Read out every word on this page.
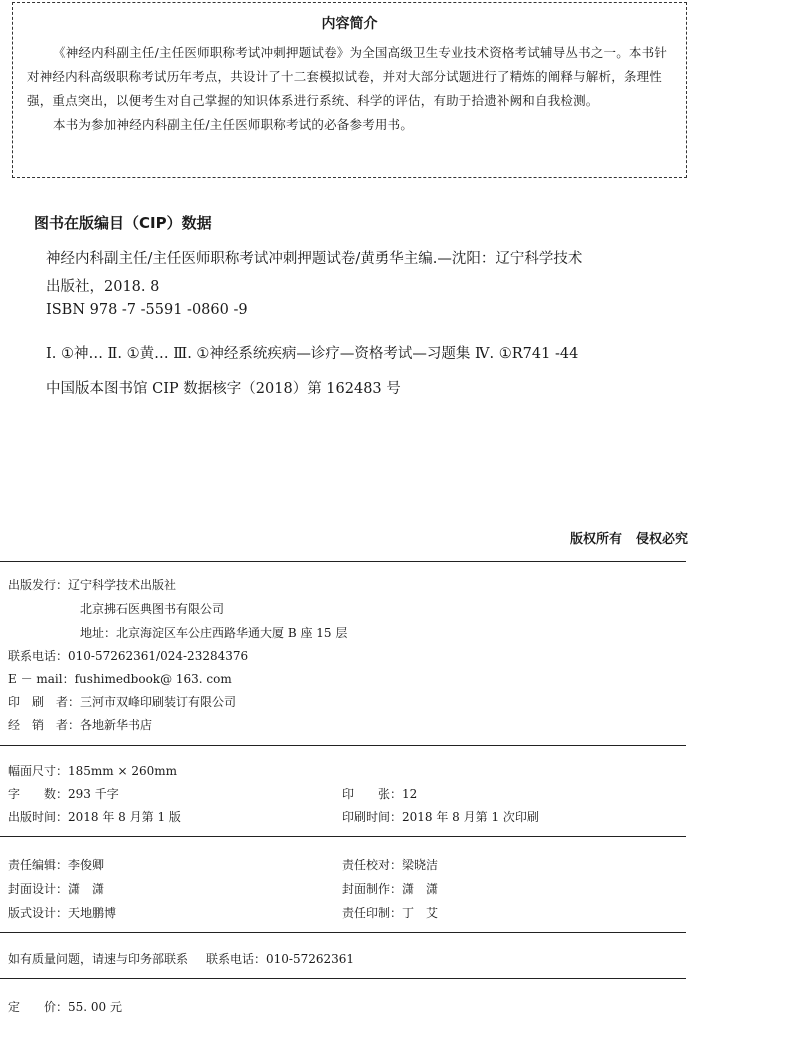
内容简介

《神经内科副主任/主任医师职称考试冲刺押题试卷》为全国高级卫生专业技术资格考试辅导丛书之一。本书针对神经内科高级职称考试历年考点，共设计了十二套模拟试卷，并对大部分试题进行了精炼的阐释与解析，条理性强，重点突出，以便考生对自己掌握的知识体系进行系统、科学的评估，有助于拾遗补阙和自我检测。

本书为参加神经内科副主任/主任医师职称考试的必备参考用书。

图书在版编目（CIP）数据
神经内科副主任/主任医师职称考试冲刺押题试卷/黄勇华主编.—沈阳：辽宁科学技术
出版社，2018. 8
ISBN 978 -7 -5591 -0860 -9
Ⅰ. ①神… Ⅱ. ①黄… Ⅲ. ①神经系统疾病—诊疗—资格考试—习题集 Ⅳ. ①R741 -44
中国版本图书馆 CIP 数据核字（2018）第 162483 号
版权所有 侵权必究
出版发行：辽宁科学技术出版社
北京拂石医典图书有限公司
地址：北京海淀区车公庄西路华通大厦 B 座 15 层
联系电话：010-57262361/024-23284376
E － mail：fushimedbook@ 163. com
印　刷　者：三河市双峰印刷装订有限公司
经　销　者：各地新华书店
幅面尺寸：185mm × 260mm
字　　数：293 千字	印　　张：12
出版时间：2018 年 8 月第 1 版	印刷时间：2018 年 8 月第 1 次印刷
责任编辑：李俊卿	责任校对：梁晓洁
封面设计：潇　潇	封面制作：潇　潇
版式设计：天地鹏博	责任印制：丁　艾
如有质量问题，请速与印务部联系 联系电话：010-57262361
定　　价：55. 00 元
